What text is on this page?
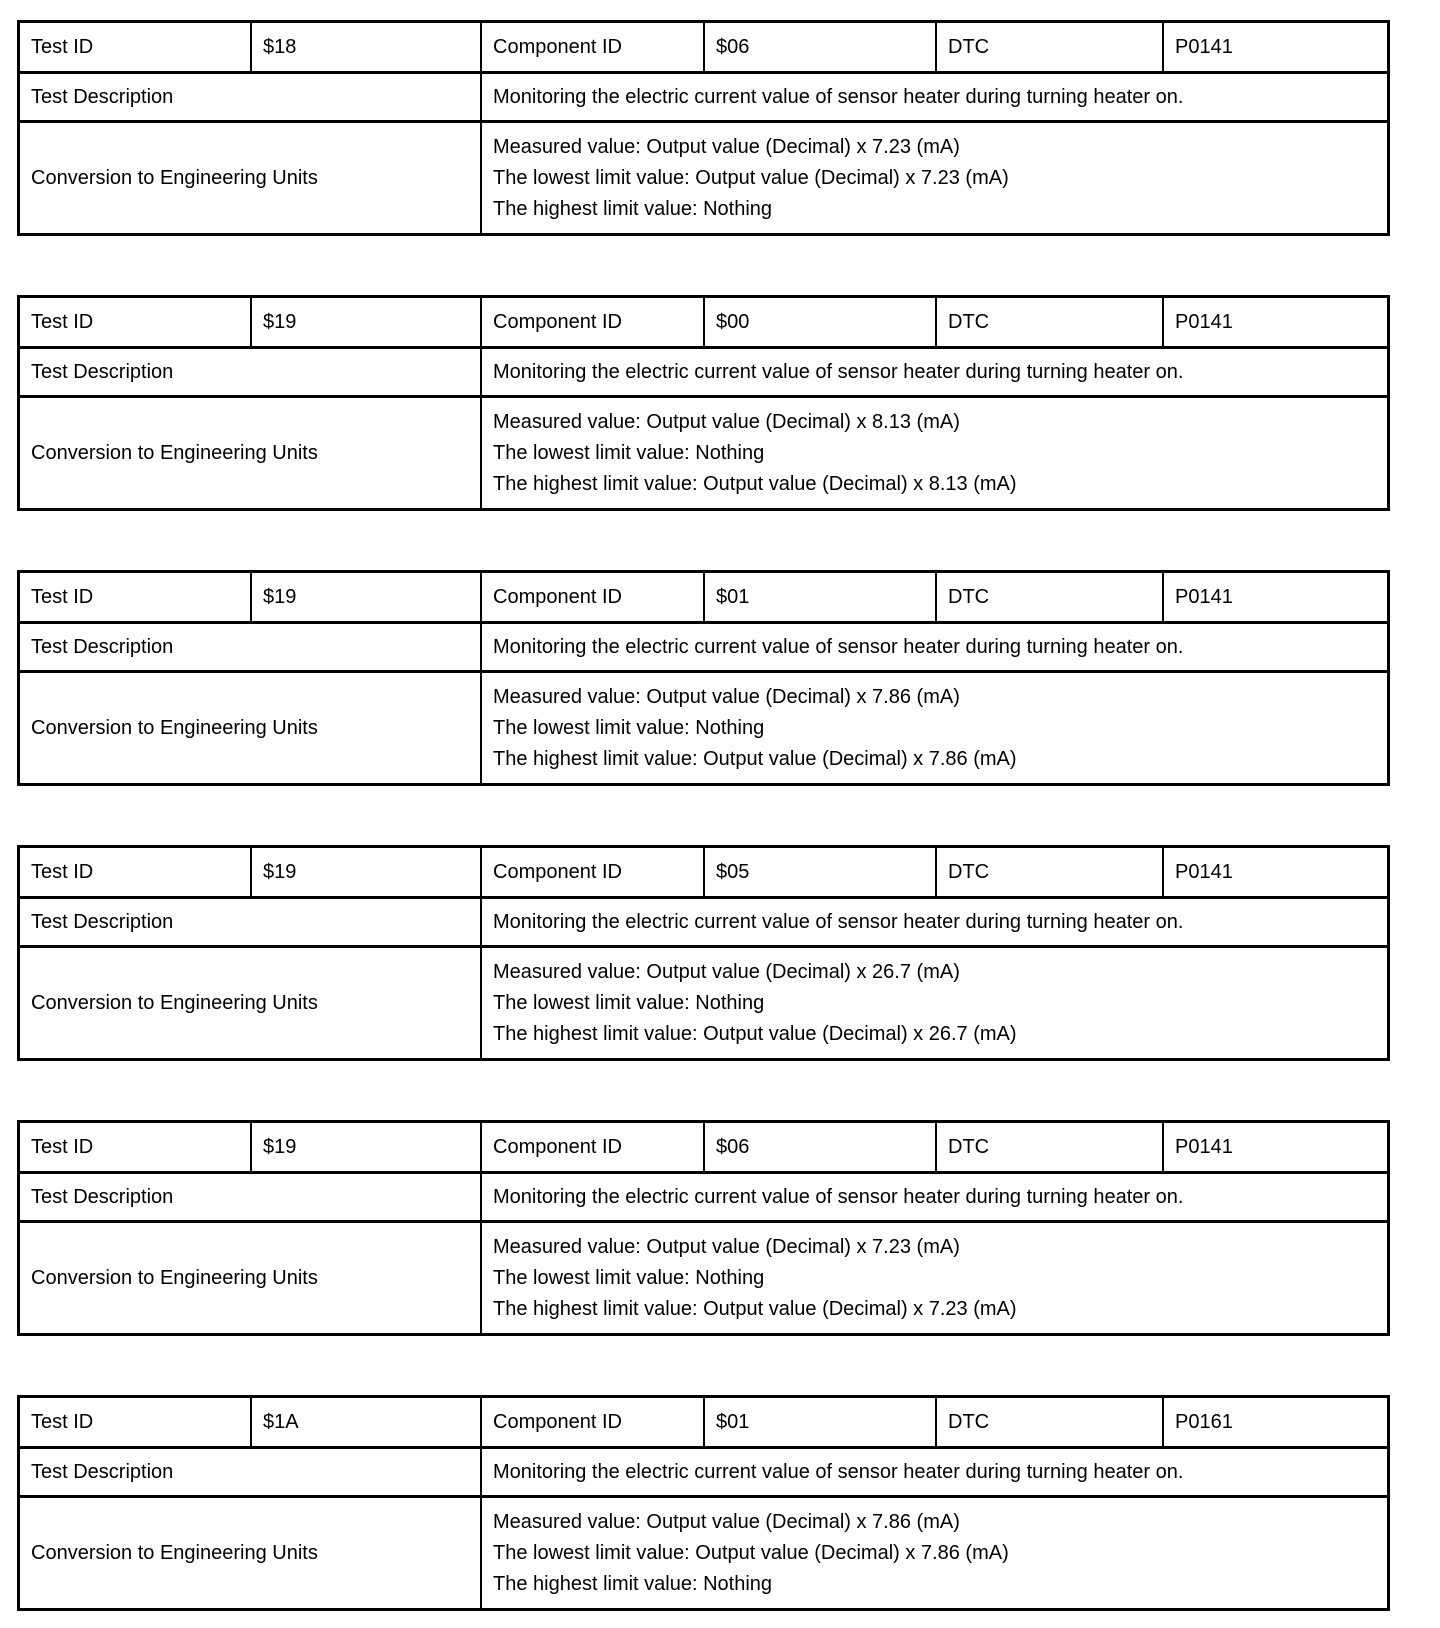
Test ID	$18	Component ID	$06	DTC	P0141
Test Description	Monitoring the electric current value of sensor heater during turning heater on.
Conversion to Engineering Units
Measured value: Output value (Decimal) x 7.23 (mA)
The lowest limit value: Output value (Decimal) x 7.23 (mA)
The highest limit value: Nothing
Test ID	$19	Component ID	$00	DTC	P0141
Test Description	Monitoring the electric current value of sensor heater during turning heater on.
Conversion to Engineering Units
Measured value: Output value (Decimal) x 8.13 (mA)
The lowest limit value: Nothing
The highest limit value: Output value (Decimal) x 8.13 (mA)
Test ID	$19	Component ID	$01	DTC	P0141
Test Description	Monitoring the electric current value of sensor heater during turning heater on.
Conversion to Engineering Units
Measured value: Output value (Decimal) x 7.86 (mA)
The lowest limit value: Nothing
The highest limit value: Output value (Decimal) x 7.86 (mA)
Test ID	$19	Component ID	$05	DTC	P0141
Test Description	Monitoring the electric current value of sensor heater during turning heater on.
Conversion to Engineering Units
Measured value: Output value (Decimal) x 26.7 (mA)
The lowest limit value: Nothing
The highest limit value: Output value (Decimal) x 26.7 (mA)
Test ID	$19	Component ID	$06	DTC	P0141
Test Description	Monitoring the electric current value of sensor heater during turning heater on.
Conversion to Engineering Units
Measured value: Output value (Decimal) x 7.23 (mA)
The lowest limit value: Nothing
The highest limit value: Output value (Decimal) x 7.23 (mA)
Test ID	$1A	Component ID	$01	DTC	P0161
Test Description	Monitoring the electric current value of sensor heater during turning heater on.
Conversion to Engineering Units
Measured value: Output value (Decimal) x 7.86 (mA)
The lowest limit value: Output value (Decimal) x 7.86 (mA)
The highest limit value: Nothing
